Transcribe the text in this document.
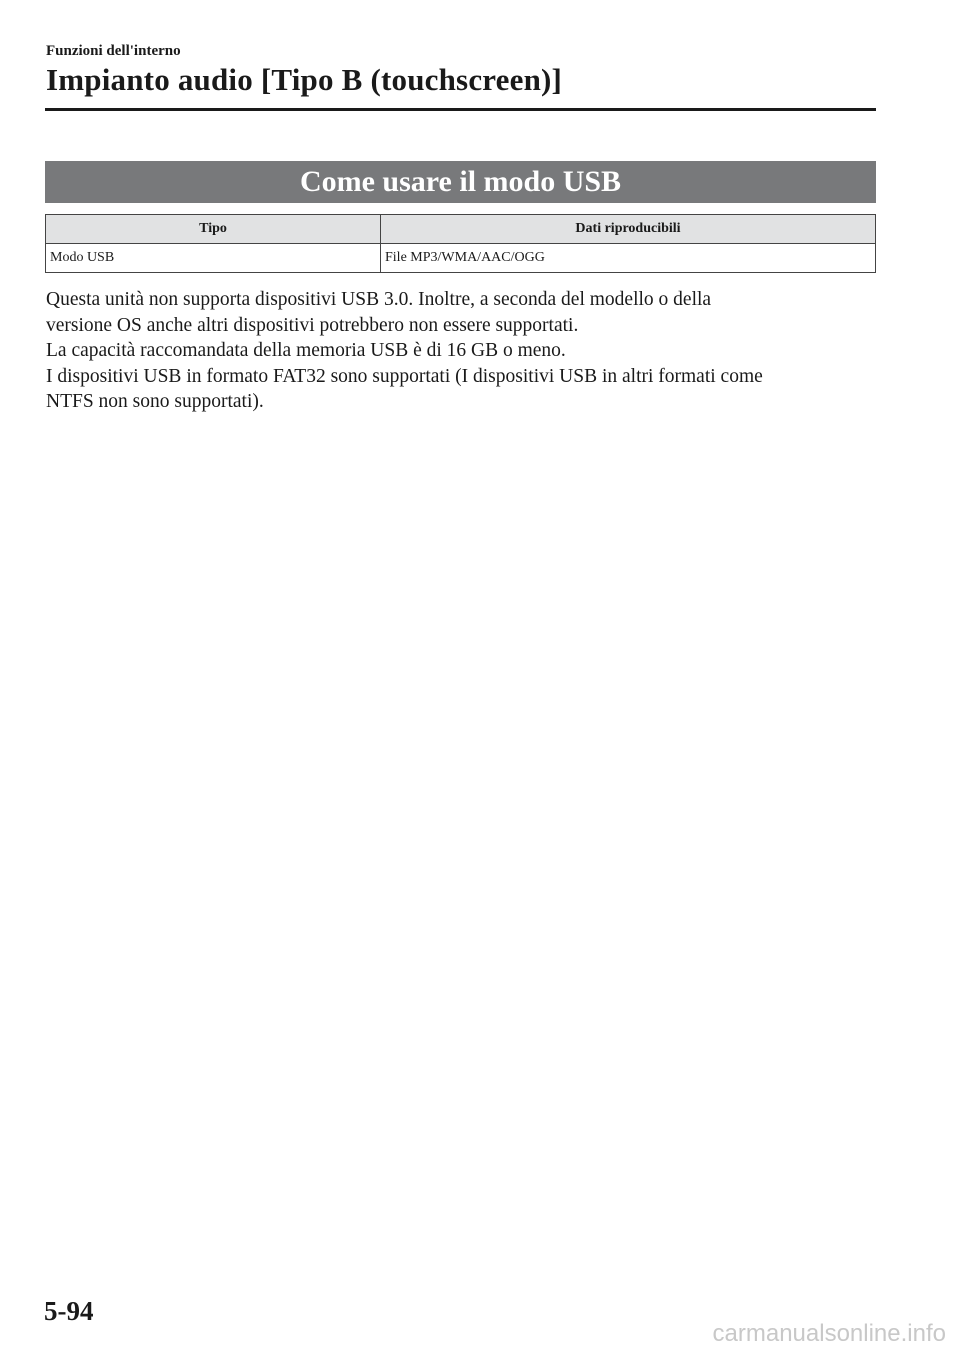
Funzioni dell'interno
Impianto audio [Tipo B (touchscreen)]
Come usare il modo USB
Tipo	Dati riproducibili
Modo USB	File MP3/WMA/AAC/OGG

Questa unità non supporta dispositivi USB 3.0. Inoltre, a seconda del modello o della

versione OS anche altri dispositivi potrebbero non essere supportati.

La capacità raccomandata della memoria USB è di 16 GB o meno.

I dispositivi USB in formato FAT32 sono supportati (I dispositivi USB in altri formati come

NTFS non sono supportati).

5-94
carmanualsonline.info
